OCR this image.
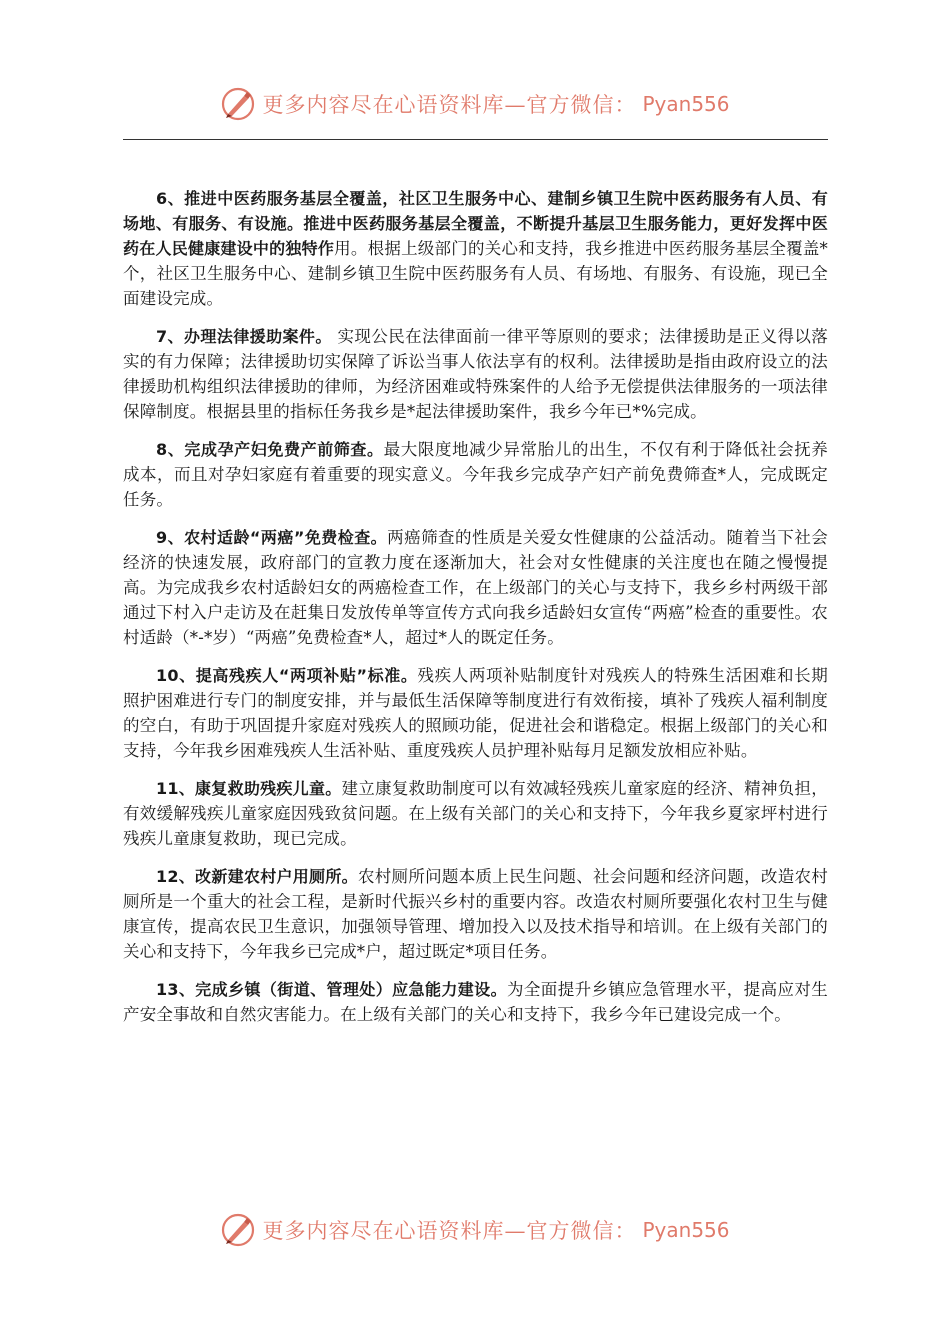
更多内容尽在心语资料库—官方微信： Pyan556

6、推进中医药服务基层全覆盖，社区卫生服务中心、建制乡镇卫生院中医药服务有人员、有场地、有服务、有设施。推进中医药服务基层全覆盖，不断提升基层卫生服务能力，更好发挥中医药在人民健康建设中的独特作用。根据上级部门的关心和支持，我乡推进中医药服务基层全覆盖*个，社区卫生服务中心、建制乡镇卫生院中医药服务有人员、有场地、有服务、有设施，现已全面建设完成。

7、办理法律援助案件。 实现公民在法律面前一律平等原则的要求；法律援助是正义得以落实的有力保障；法律援助切实保障了诉讼当事人依法享有的权利。法律援助是指由政府设立的法律援助机构组织法律援助的律师，为经济困难或特殊案件的人给予无偿提供法律服务的一项法律保障制度。根据县里的指标任务我乡是*起法律援助案件，我乡今年已*%完成。

8、完成孕产妇免费产前筛查。最大限度地减少异常胎儿的出生，不仅有利于降低社会抚养成本，而且对孕妇家庭有着重要的现实意义。今年我乡完成孕产妇产前免费筛查*人，完成既定任务。

9、农村适龄“两癌”免费检查。两癌筛查的性质是关爱女性健康的公益活动。随着当下社会经济的快速发展，政府部门的宣教力度在逐渐加大，社会对女性健康的关注度也在随之慢慢提高。为完成我乡农村适龄妇女的两癌检查工作，在上级部门的关心与支持下，我乡乡村两级干部通过下村入户走访及在赶集日发放传单等宣传方式向我乡适龄妇女宣传“两癌”检查的重要性。农村适龄（*-*岁）“两癌”免费检查*人，超过*人的既定任务。

10、提高残疾人“两项补贴”标准。残疾人两项补贴制度针对残疾人的特殊生活困难和长期照护困难进行专门的制度安排，并与最低生活保障等制度进行有效衔接，填补了残疾人福利制度的空白，有助于巩固提升家庭对残疾人的照顾功能，促进社会和谐稳定。根据上级部门的关心和支持，今年我乡困难残疾人生活补贴、重度残疾人员护理补贴每月足额发放相应补贴。

11、康复救助残疾儿童。建立康复救助制度可以有效减轻残疾儿童家庭的经济、精神负担，有效缓解残疾儿童家庭因残致贫问题。在上级有关部门的关心和支持下，今年我乡夏家坪村进行残疾儿童康复救助，现已完成。

12、改新建农村户用厕所。农村厕所问题本质上民生问题、社会问题和经济问题，改造农村厕所是一个重大的社会工程，是新时代振兴乡村的重要内容。改造农村厕所要强化农村卫生与健康宣传，提高农民卫生意识，加强领导管理、增加投入以及技术指导和培训。在上级有关部门的关心和支持下，今年我乡已完成*户，超过既定*项目任务。

13、完成乡镇（街道、管理处）应急能力建设。为全面提升乡镇应急管理水平，提高应对生产安全事故和自然灾害能力。在上级有关部门的关心和支持下，我乡今年已建设完成一个。

更多内容尽在心语资料库—官方微信： Pyan556
